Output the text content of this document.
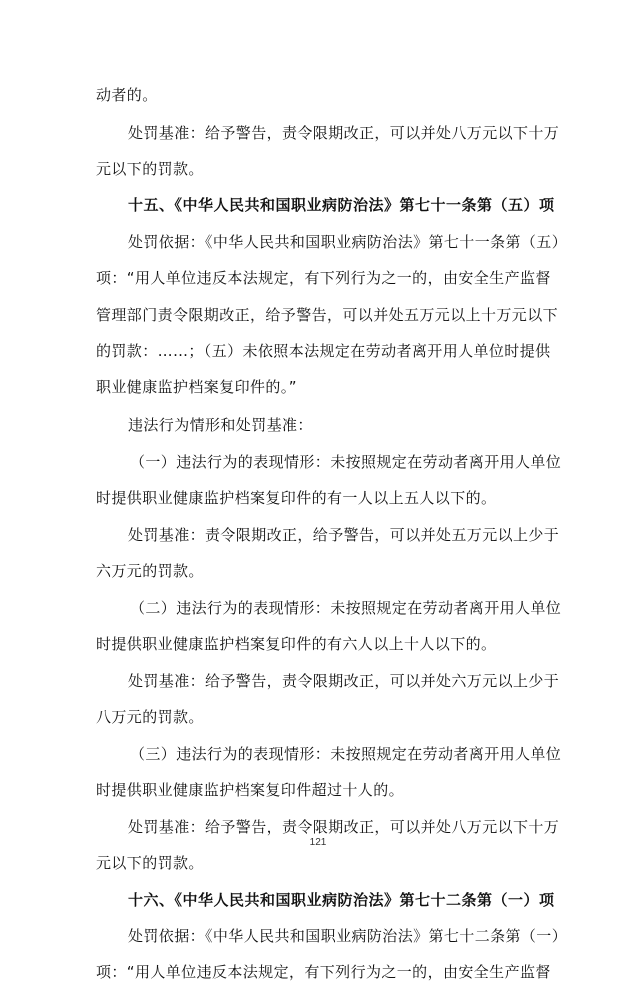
动者的。
处罚基准：给予警告，责令限期改正，可以并处八万元以下十万
元以下的罚款。
十五、《中华人民共和国职业病防治法》第七十一条第（五）项
处罚依据：《中华人民共和国职业病防治法》第七十一条第（五）
项：“用人单位违反本法规定，有下列行为之一的，由安全生产监督
管理部门责令限期改正，给予警告，可以并处五万元以上十万元以下
的罚款：……；（五）未依照本法规定在劳动者离开用人单位时提供
职业健康监护档案复印件的。”
违法行为情形和处罚基准：
（一）违法行为的表现情形：未按照规定在劳动者离开用人单位
时提供职业健康监护档案复印件的有一人以上五人以下的。
处罚基准：责令限期改正，给予警告，可以并处五万元以上少于
六万元的罚款。
（二）违法行为的表现情形：未按照规定在劳动者离开用人单位
时提供职业健康监护档案复印件的有六人以上十人以下的。
处罚基准：给予警告，责令限期改正，可以并处六万元以上少于
八万元的罚款。
（三）违法行为的表现情形：未按照规定在劳动者离开用人单位
时提供职业健康监护档案复印件超过十人的。
处罚基准：给予警告，责令限期改正，可以并处八万元以下十万
元以下的罚款。
十六、《中华人民共和国职业病防治法》第七十二条第（一）项
处罚依据：《中华人民共和国职业病防治法》第七十二条第（一）
项：“用人单位违反本法规定，有下列行为之一的，由安全生产监督
121
